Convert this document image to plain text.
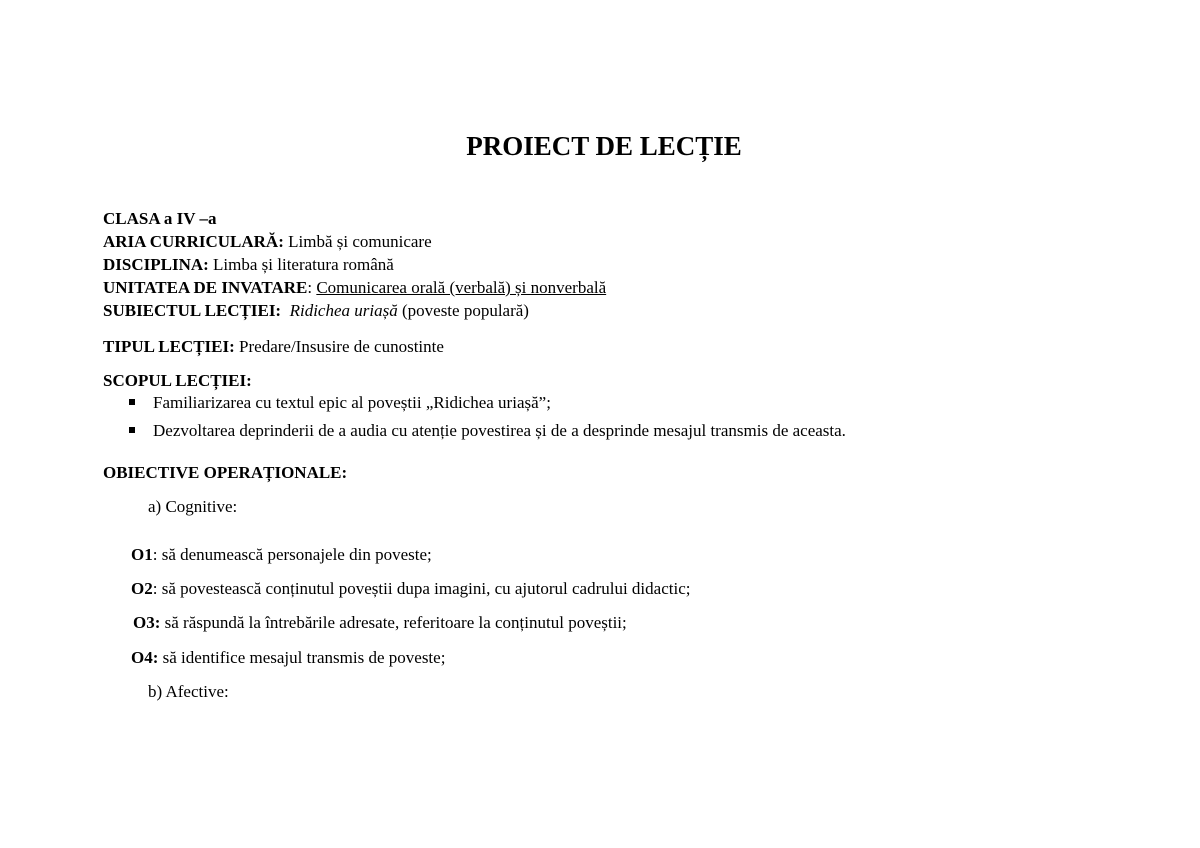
PROIECT DE LECȚIE
CLASA a IV –a
ARIA CURRICULARĂ: Limbă și comunicare
DISCIPLINA: Limba și literatura română
UNITATEA DE INVATARE: Comunicarea orală (verbală) și nonverbală
SUBIECTUL LECȚIEI: Ridichea uriașă (poveste populară)
TIPUL LECȚIEI: Predare/Insusire de cunostinte
SCOPUL LECȚIEI:
Familiarizarea cu textul epic al poveștii „Ridichea uriașă”;
Dezvoltarea deprinderii de a audia cu atenție povestirea și de a desprinde mesajul transmis de aceasta.
OBIECTIVE OPERAȚIONALE:
a) Cognitive:
O1: să denumească personajele din poveste;
O2: să povestească conținutul poveștii dupa imagini, cu ajutorul cadrului didactic;
O3: să răspundă la întrebările adresate, referitoare la conținutul poveștii;
O4: să identifice mesajul transmis de poveste;
b) Afective:
